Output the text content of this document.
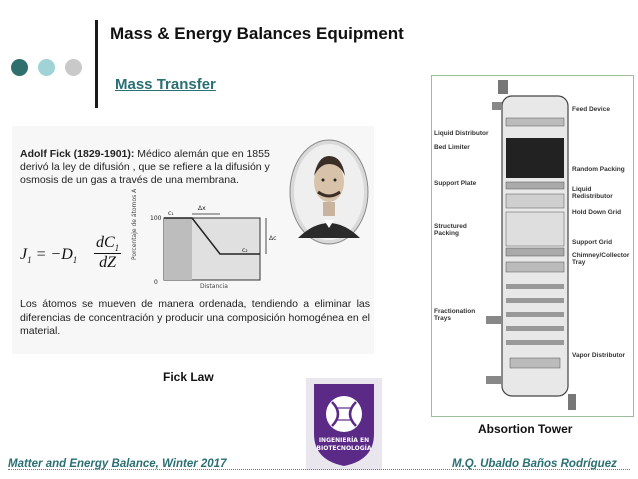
Mass & Energy Balances Equipment
Mass Transfer
Adolf Fick (1829-1901): Médico alemán que en 1855 derivó la ley de difusión , que se refiere a la difusión y osmosis de un gas a través de una membrana.
$J_1 = -D_1$
$dC_1$
dZ
Porcentaje de átomos A 100
0
Δx
c₁
Δc
c₂
Distancia
Los átomos se mueven de manera ordenada, tendiendo a eliminar las diferencias de concentración y producir una composición homogénea en el material.
Fick Law
Feed Device
Random Packing
Liquid Redistributor
Hold Down Grid
Support Grid
Chimney/Collector Tray
Vapor Distributor
Liquid Distributor
Bed Limiter
Support Plate
Structured Packing
Fractionation Trays
Absortion Tower
INGENIERÍA EN
BIOTECNOLOGÍA
Matter and Energy Balance, Winter 2017	M.Q. Ubaldo Baños Rodríguez
